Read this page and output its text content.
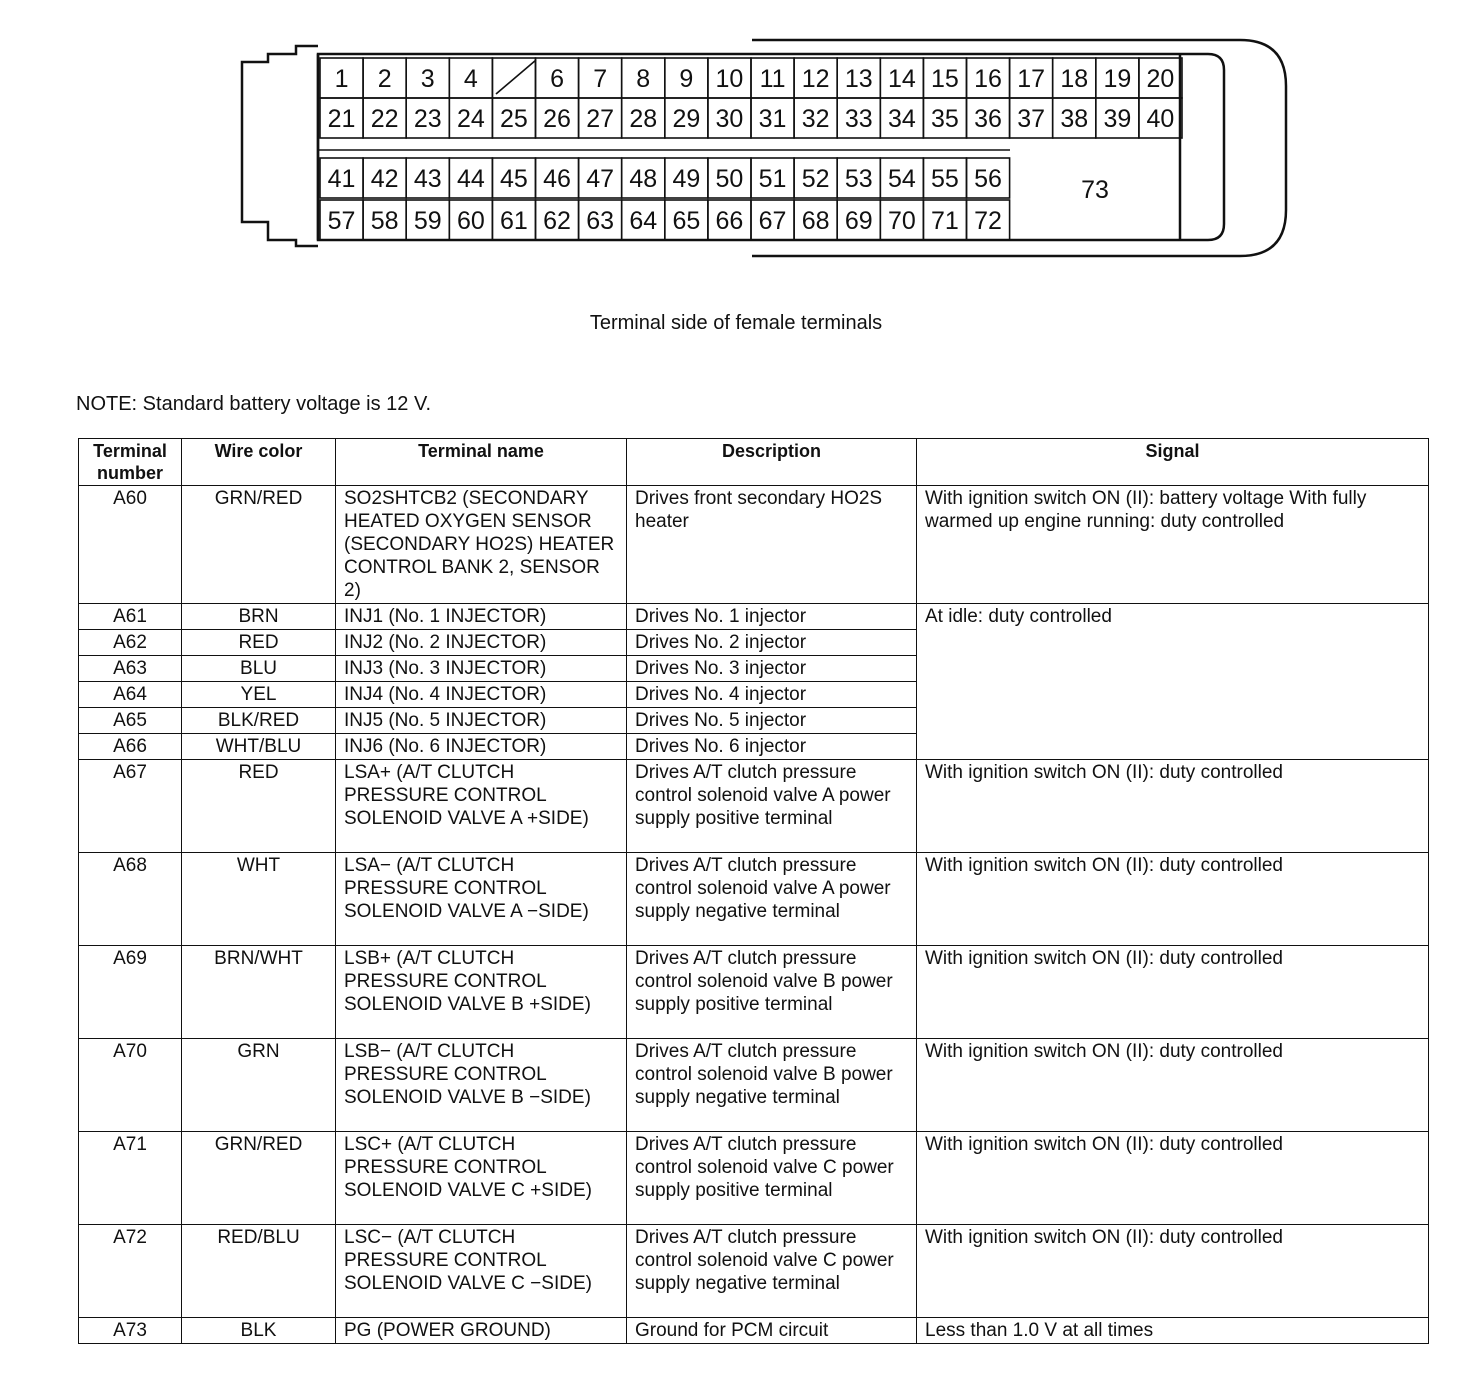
1 2 3 4	6 7 8 9 10 11 12 13 14 15 16 17 18 19 20
21 22 23 24 25 26 27 28 29 30 31 32 33 34 35 36 37 38 39 40
41 42 43 44 45 46 47 48 49 50 51 52 53 54 55 56
57 58 59 60 61 62 63 64 65 66 67 68 69 70 71 72
73
Terminal side of female terminals
NOTE: Standard battery voltage is 12 V.
Terminal number	Wire color	Terminal name	Description	Signal
A60	GRN/RED	SO2SHTCB2 (SECONDARY HEATED OXYGEN SENSOR (SECONDARY HO2S) HEATER CONTROL BANK 2, SENSOR 2)	Drives front secondary HO2S heater	With ignition switch ON (II): battery voltage With fully warmed up engine running: duty controlled
A61	BRN	INJ1 (No. 1 INJECTOR)	Drives No. 1 injector	At idle: duty controlled
A62	RED	INJ2 (No. 2 INJECTOR)	Drives No. 2 injector	
A63	BLU	INJ3 (No. 3 INJECTOR)	Drives No. 3 injector	
A64	YEL	INJ4 (No. 4 INJECTOR)	Drives No. 4 injector	
A65	BLK/RED	INJ5 (No. 5 INJECTOR)	Drives No. 5 injector	
A66	WHT/BLU	INJ6 (No. 6 INJECTOR)	Drives No. 6 injector	
A67	RED	LSA+ (A/T CLUTCH PRESSURE CONTROL SOLENOID VALVE A +SIDE)	Drives A/T clutch pressure control solenoid valve A power supply positive terminal	With ignition switch ON (II): duty controlled
A68	WHT	LSA− (A/T CLUTCH PRESSURE CONTROL SOLENOID VALVE A −SIDE)	Drives A/T clutch pressure control solenoid valve A power supply negative terminal	With ignition switch ON (II): duty controlled
A69	BRN/WHT	LSB+ (A/T CLUTCH PRESSURE CONTROL SOLENOID VALVE B +SIDE)	Drives A/T clutch pressure control solenoid valve B power supply positive terminal	With ignition switch ON (II): duty controlled
A70	GRN	LSB− (A/T CLUTCH PRESSURE CONTROL SOLENOID VALVE B −SIDE)	Drives A/T clutch pressure control solenoid valve B power supply negative terminal	With ignition switch ON (II): duty controlled
A71	GRN/RED	LSC+ (A/T CLUTCH PRESSURE CONTROL SOLENOID VALVE C +SIDE)	Drives A/T clutch pressure control solenoid valve C power supply positive terminal	With ignition switch ON (II): duty controlled
A72	RED/BLU	LSC− (A/T CLUTCH PRESSURE CONTROL SOLENOID VALVE C −SIDE)	Drives A/T clutch pressure control solenoid valve C power supply negative terminal	With ignition switch ON (II): duty controlled
A73	BLK	PG (POWER GROUND)	Ground for PCM circuit	Less than 1.0 V at all times
